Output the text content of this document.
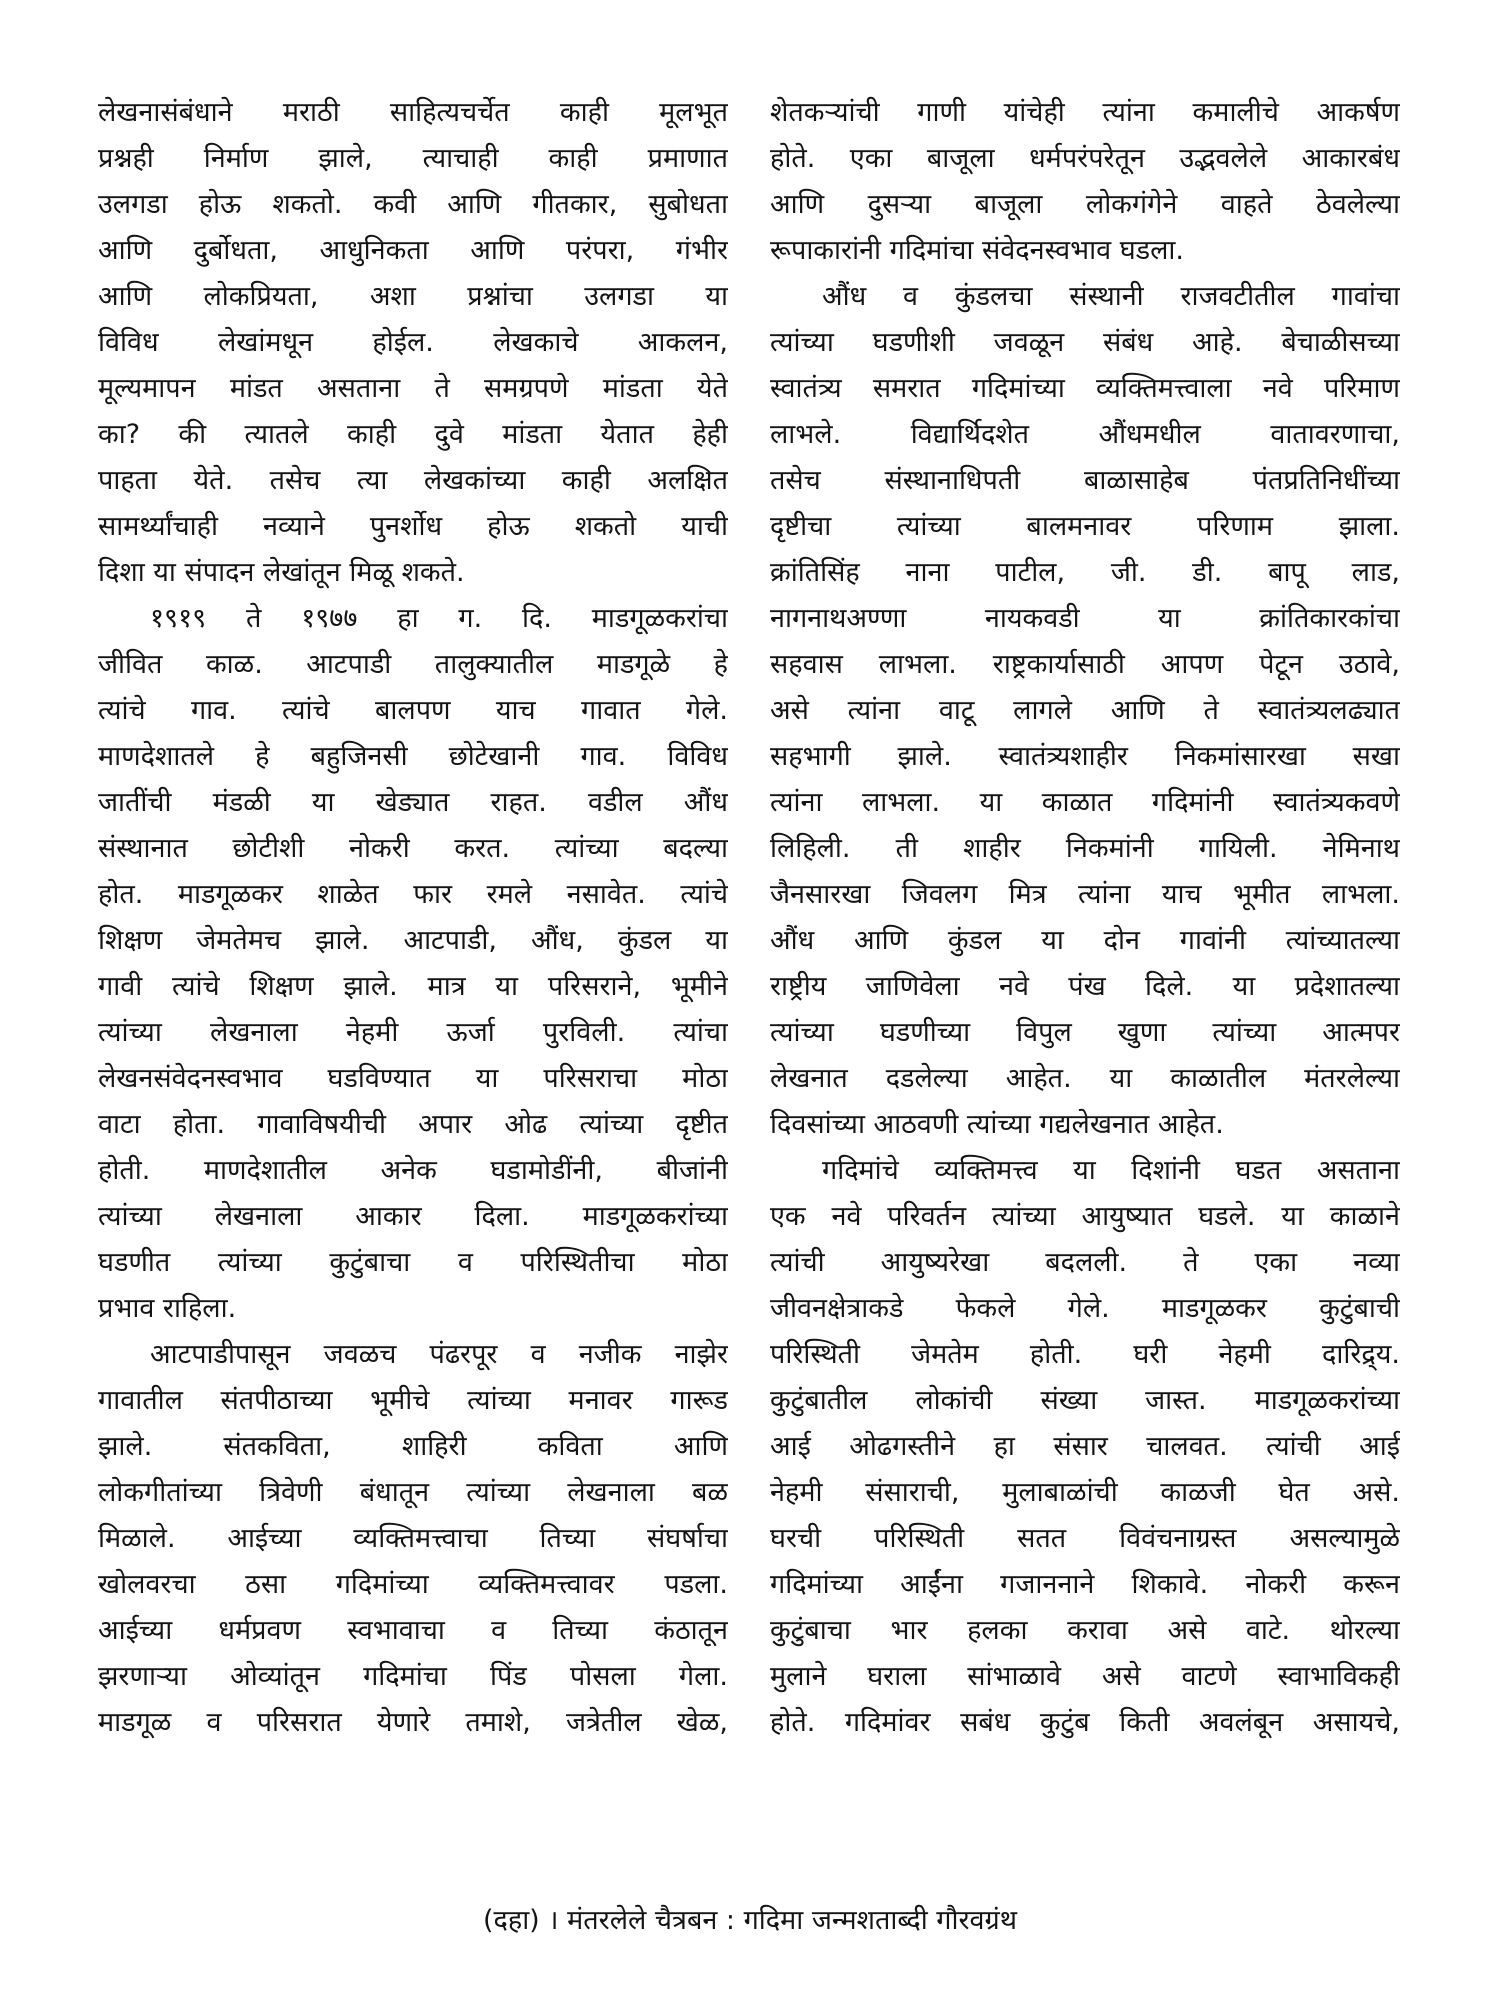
लेखनासंबंधाने मराठी साहित्यचर्चेत काही मूलभूत
प्रश्नही निर्माण झाले, त्याचाही काही प्रमाणात
उलगडा होऊ शकतो. कवी आणि गीतकार, सुबोधता
आणि दुर्बोधता, आधुनिकता आणि परंपरा, गंभीर
आणि लोकप्रियता, अशा प्रश्नांचा उलगडा या
विविध लेखांमधून होईल. लेखकाचे आकलन,
मूल्यमापन मांडत असताना ते समग्रपणे मांडता येते
का? की त्यातले काही दुवे मांडता येतात हेही
पाहता येते. तसेच त्या लेखकांच्या काही अलक्षित
सामर्थ्यांचाही नव्याने पुनर्शोध होऊ शकतो याची
दिशा या संपादन लेखांतून मिळू शकते.
१९१९ ते १९७७ हा ग. दि. माडगूळकरांचा
जीवित काळ. आटपाडी तालुक्यातील माडगूळे हे
त्यांचे गाव. त्यांचे बालपण याच गावात गेले.
माणदेशातले हे बहुजिनसी छोटेखानी गाव. विविध
जातींची मंडळी या खेड्यात राहत. वडील औंध
संस्थानात छोटीशी नोकरी करत. त्यांच्या बदल्या
होत. माडगूळकर शाळेत फार रमले नसावेत. त्यांचे
शिक्षण जेमतेमच झाले. आटपाडी, औंध, कुंडल या
गावी त्यांचे शिक्षण झाले. मात्र या परिसराने, भूमीने
त्यांच्या लेखनाला नेहमी ऊर्जा पुरविली. त्यांचा
लेखनसंवेदनस्वभाव घडविण्यात या परिसराचा मोठा
वाटा होता. गावाविषयीची अपार ओढ त्यांच्या दृष्टीत
होती. माणदेशातील अनेक घडामोडींनी, बीजांनी
त्यांच्या लेखनाला आकार दिला. माडगूळकरांच्या
घडणीत त्यांच्या कुटुंबाचा व परिस्थितीचा मोठा
प्रभाव राहिला.
आटपाडीपासून जवळच पंढरपूर व नजीक नाझेर
गावातील संतपीठाच्या भूमीचे त्यांच्या मनावर गारूड
झाले. संतकविता, शाहिरी कविता आणि
लोकगीतांच्या त्रिवेणी बंधातून त्यांच्या लेखनाला बळ
मिळाले. आईच्या व्यक्तिमत्त्वाचा तिच्या संघर्षाचा
खोलवरचा ठसा गदिमांच्या व्यक्तिमत्त्वावर पडला.
आईच्या धर्मप्रवण स्वभावाचा व तिच्या कंठातून
झरणाऱ्या ओव्यांतून गदिमांचा पिंड पोसला गेला.
माडगूळ व परिसरात येणारे तमाशे, जत्रेतील खेळ,
शेतकऱ्यांची गाणी यांचेही त्यांना कमालीचे आकर्षण
होते. एका बाजूला धर्मपरंपरेतून उद्भवलेले आकारबंध
आणि दुसऱ्या बाजूला लोकगंगेने वाहते ठेवलेल्या
रूपाकारांनी गदिमांचा संवेदनस्वभाव घडला.
औंध व कुंडलचा संस्थानी राजवटीतील गावांचा
त्यांच्या घडणीशी जवळून संबंध आहे. बेचाळीसच्या
स्वातंत्र्य समरात गदिमांच्या व्यक्तिमत्त्वाला नवे परिमाण
लाभले. विद्यार्थिदशेत औंधमधील वातावरणाचा,
तसेच संस्थानाधिपती बाळासाहेब पंतप्रतिनिधींच्या
दृष्टीचा त्यांच्या बालमनावर परिणाम झाला.
क्रांतिसिंह नाना पाटील, जी. डी. बापू लाड,
नागनाथअण्णा नायकवडी या क्रांतिकारकांचा
सहवास लाभला. राष्ट्रकार्यासाठी आपण पेटून उठावे,
असे त्यांना वाटू लागले आणि ते स्वातंत्र्यलढ्यात
सहभागी झाले. स्वातंत्र्यशाहीर निकमांसारखा सखा
त्यांना लाभला. या काळात गदिमांनी स्वातंत्र्यकवणे
लिहिली. ती शाहीर निकमांनी गायिली. नेमिनाथ
जैनसारखा जिवलग मित्र त्यांना याच भूमीत लाभला.
औंध आणि कुंडल या दोन गावांनी त्यांच्यातल्या
राष्ट्रीय जाणिवेला नवे पंख दिले. या प्रदेशातल्या
त्यांच्या घडणीच्या विपुल खुणा त्यांच्या आत्मपर
लेखनात दडलेल्या आहेत. या काळातील मंतरलेल्या
दिवसांच्या आठवणी त्यांच्या गद्यलेखनात आहेत.
गदिमांचे व्यक्तिमत्त्व या दिशांनी घडत असताना
एक नवे परिवर्तन त्यांच्या आयुष्यात घडले. या काळाने
त्यांची आयुष्यरेखा बदलली. ते एका नव्या
जीवनक्षेत्राकडे फेकले गेले. माडगूळकर कुटुंबाची
परिस्थिती जेमतेम होती. घरी नेहमी दारिद्र्य.
कुटुंबातील लोकांची संख्या जास्त. माडगूळकरांच्या
आई ओढगस्तीने हा संसार चालवत. त्यांची आई
नेहमी संसाराची, मुलाबाळांची काळजी घेत असे.
घरची परिस्थिती सतत विवंचनाग्रस्त असल्यामुळे
गदिमांच्या आईंना गजाननाने शिकावे. नोकरी करून
कुटुंबाचा भार हलका करावा असे वाटे. थोरल्या
मुलाने घराला सांभाळावे असे वाटणे स्वाभाविकही
होते. गदिमांवर सबंध कुटुंब किती अवलंबून असायचे,
(दहा) । मंतरलेले चैत्रबन : गदिमा जन्मशताब्दी गौरवग्रंथ
